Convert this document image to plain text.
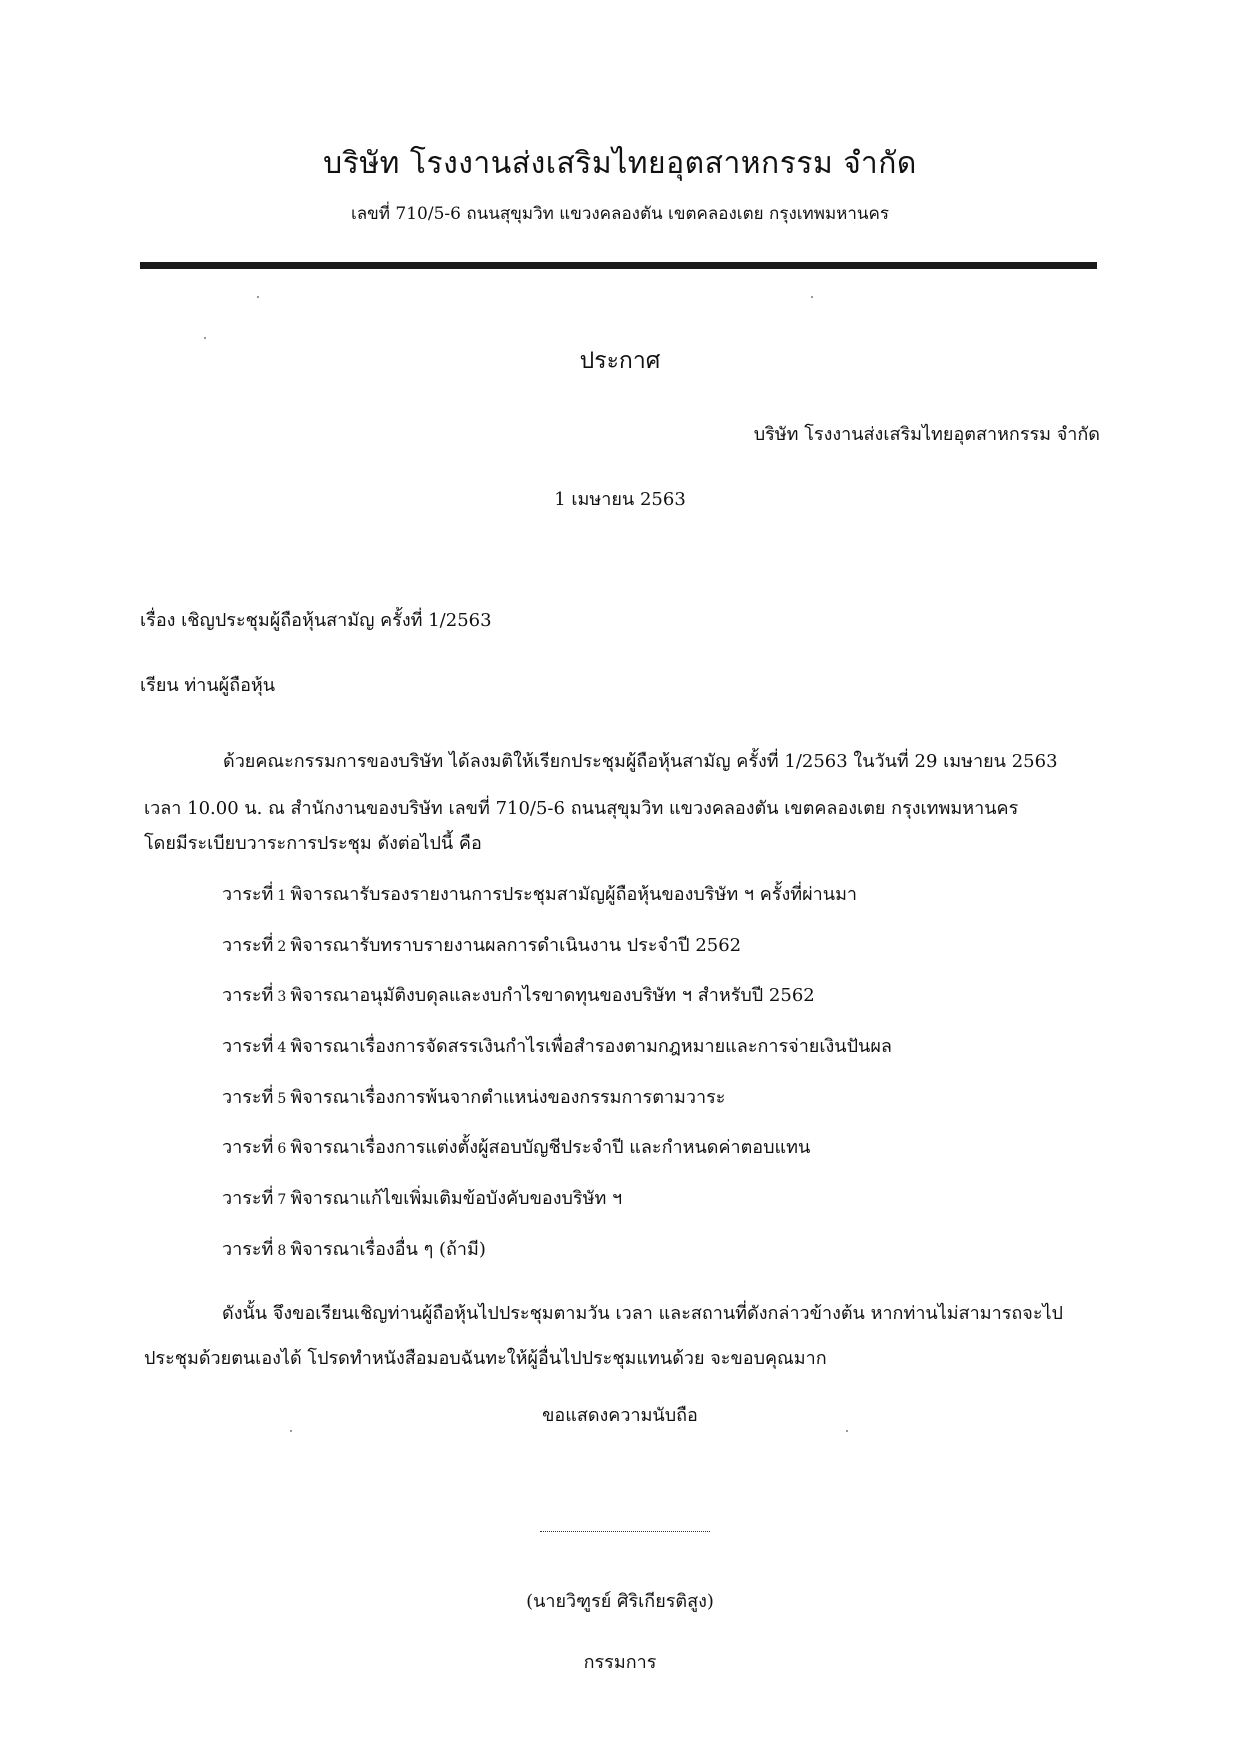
บริษัท โรงงานส่งเสริมไทยอุตสาหกรรม จำกัด
เลขที่ 710/5-6 ถนนสุขุมวิท แขวงคลองตัน เขตคลองเตย กรุงเทพมหานคร
ประกาศ
บริษัท โรงงานส่งเสริมไทยอุตสาหกรรม จำกัด
1 เมษายน 2563
เรื่อง เชิญประชุมผู้ถือหุ้นสามัญ ครั้งที่ 1/2563
เรียน ท่านผู้ถือหุ้น
ด้วยคณะกรรมการของบริษัท ได้ลงมติให้เรียกประชุมผู้ถือหุ้นสามัญ ครั้งที่ 1/2563 ในวันที่ 29 เมษายน 2563
เวลา 10.00 น. ณ สำนักงานของบริษัท เลขที่ 710/5-6 ถนนสุขุมวิท แขวงคลองตัน เขตคลองเตย กรุงเทพมหานคร
โดยมีระเบียบวาระการประชุม ดังต่อไปนี้ คือ
วาระที่ 1 พิจารณารับรองรายงานการประชุมสามัญผู้ถือหุ้นของบริษัท ฯ ครั้งที่ผ่านมา
วาระที่ 2 พิจารณารับทราบรายงานผลการดำเนินงาน ประจำปี 2562
วาระที่ 3 พิจารณาอนุมัติงบดุลและงบกำไรขาดทุนของบริษัท ฯ สำหรับปี 2562
วาระที่ 4 พิจารณาเรื่องการจัดสรรเงินกำไรเพื่อสำรองตามกฎหมายและการจ่ายเงินปันผล
วาระที่ 5 พิจารณาเรื่องการพ้นจากตำแหน่งของกรรมการตามวาระ
วาระที่ 6 พิจารณาเรื่องการแต่งตั้งผู้สอบบัญชีประจำปี และกำหนดค่าตอบแทน
วาระที่ 7 พิจารณาแก้ไขเพิ่มเติมข้อบังคับของบริษัท ฯ
วาระที่ 8 พิจารณาเรื่องอื่น ๆ (ถ้ามี)
ดังนั้น จึงขอเรียนเชิญท่านผู้ถือหุ้นไปประชุมตามวัน เวลา และสถานที่ดังกล่าวข้างต้น หากท่านไม่สามารถจะไป
ประชุมด้วยตนเองได้ โปรดทำหนังสือมอบฉันทะให้ผู้อื่นไปประชุมแทนด้วย จะขอบคุณมาก
ขอแสดงความนับถือ
(นายวิฑูรย์ ศิริเกียรติสูง)
กรรมการ
